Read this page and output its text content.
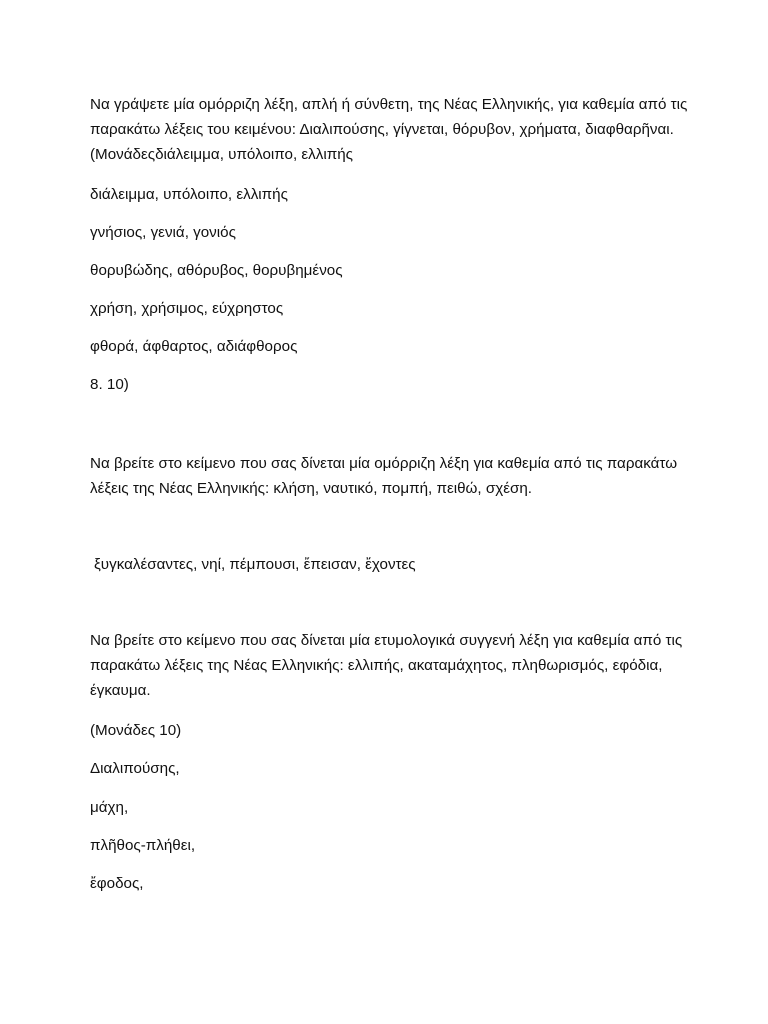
Να γράψετε μία ομόρριζη λέξη, απλή ή σύνθετη, της Νέας Ελληνικής, για καθεμία από τις παρακάτω λέξεις του κειμένου: Διαλιπούσης, γίγνεται, θόρυβον, χρήματα, διαφθαρῆναι. (Μονάδεςδιάλειμμα, υπόλοιπο, ελλιπής

διάλειμμα, υπόλοιπο, ελλιπής

γνήσιος, γενιά, γονιός

θορυβώδης, αθόρυβος, θορυβημένος

χρήση, χρήσιμος, εύχρηστος

φθορά, άφθαρτος, αδιάφθορος

8. 10)

Να βρείτε στο κείμενο που σας δίνεται μία ομόρριζη λέξη για καθεμία από τις παρακάτω λέξεις της Νέας Ελληνικής: κλήση, ναυτικό, πομπή, πειθώ, σχέση.

ξυγκαλέσαντες, νηί, πέμπουσι, ἔπεισαν, ἔχοντες

Να βρείτε στο κείμενο που σας δίνεται μία ετυμολογικά συγγενή λέξη για καθεμία από τις παρακάτω λέξεις της Νέας Ελληνικής: ελλιπής, ακαταμάχητος, πληθωρισμός, εφόδια, έγκαυμα.

(Μονάδες 10)

Διαλιπούσης,

μάχη,

πλῆθος-πλήθει,

ἔφοδος,
